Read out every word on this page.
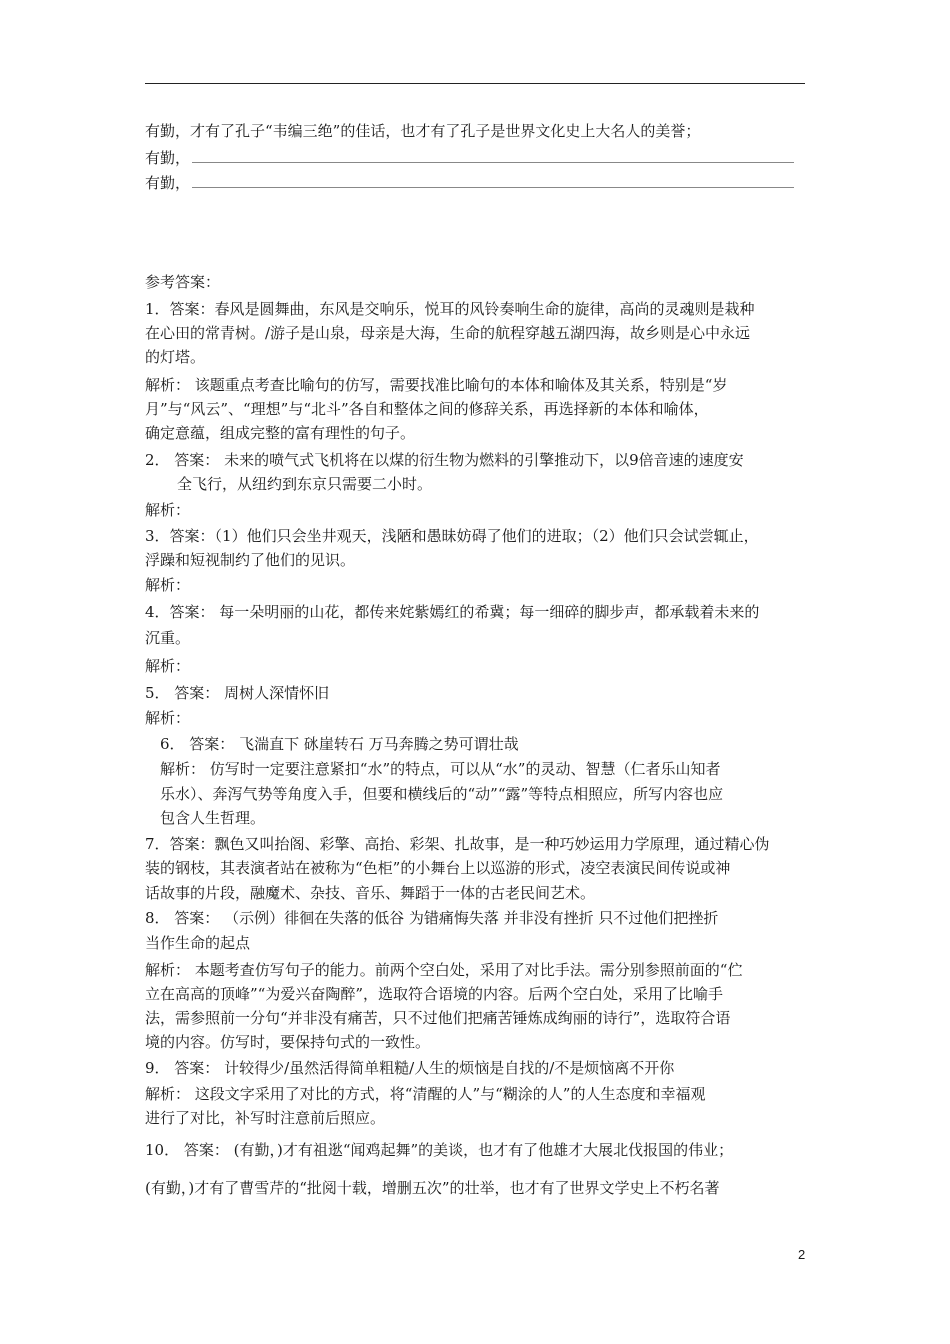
有勤，才有了孔子“韦编三绝”的佳话，也才有了孔子是世界文化史上大名人的美誉；
有勤，
有勤，
参考答案：
1．答案：春风是圆舞曲，东风是交响乐，悦耳的风铃奏响生命的旋律，高尚的灵魂则是栽种
在心田的常青树。/游子是山泉，母亲是大海，生命的航程穿越五湖四海，故乡则是心中永远
的灯塔。
解析： 该题重点考查比喻句的仿写，需要找准比喻句的本体和喻体及其关系，特别是“岁
月”与“风云”、“理想”与“北斗”各自和整体之间的修辞关系，再选择新的本体和喻体，
确定意蕴，组成完整的富有理性的句子。
2． 答案： 未来的喷气式飞机将在以煤的衍生物为燃料的引擎推动下，以9倍音速的速度安
全飞行，从纽约到东京只需要二小时。
解析：
3．答案：（1）他们只会坐井观天，浅陋和愚昧妨碍了他们的进取；（2）他们只会试尝辄止，
浮躁和短视制约了他们的见识。
解析：
4．答案： 每一朵明丽的山花，都传来姹紫嫣红的希冀；每一细碎的脚步声，都承载着未来的
沉重。
解析：
5． 答案： 周树人深情怀旧
解析：
6． 答案： 飞湍直下 砯崖转石 万马奔腾之势可谓壮哉
解析： 仿写时一定要注意紧扣“水”的特点，可以从“水”的灵动、智慧（仁者乐山知者
乐水）、奔泻气势等角度入手，但要和横线后的“动”“露”等特点相照应，所写内容也应
包含人生哲理。
7．答案：飘色又叫抬阁、彩擎、高抬、彩架、扎故事，是一种巧妙运用力学原理，通过精心伪
装的钢枝，其表演者站在被称为“色柜”的小舞台上以巡游的形式，凌空表演民间传说或神
话故事的片段，融魔术、杂技、音乐、舞蹈于一体的古老民间艺术。
8． 答案： （示例）徘徊在失落的低谷 为错痛悔失落 并非没有挫折 只不过他们把挫折
当作生命的起点
解析： 本题考查仿写句子的能力。前两个空白处，采用了对比手法。需分别参照前面的“伫
立在高高的顶峰”“为爱兴奋陶醉”，选取符合语境的内容。后两个空白处，采用了比喻手
法，需参照前一分句“并非没有痛苦，只不过他们把痛苦锤炼成绚丽的诗行”，选取符合语
境的内容。仿写时，要保持句式的一致性。
9． 答案： 计较得少/虽然活得简单粗糙/人生的烦恼是自找的/不是烦恼离不开你
解析： 这段文字采用了对比的方式，将“清醒的人”与“糊涂的人”的人生态度和幸福观
进行了对比，补写时注意前后照应。
10． 答案： (有勤，)才有祖逖“闻鸡起舞”的美谈，也才有了他雄才大展北伐报国的伟业；
(有勤，)才有了曹雪芹的“批阅十载，增删五次”的壮举，也才有了世界文学史上不朽名著
2
